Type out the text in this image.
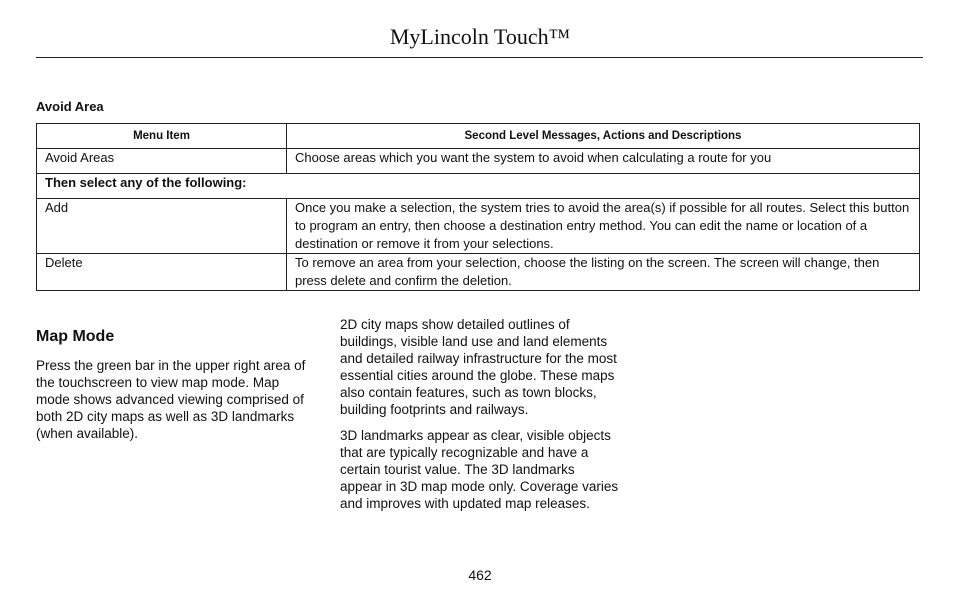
MyLincoln Touch™
Avoid Area
Menu Item	Second Level Messages, Actions and Descriptions
Avoid Areas	Choose areas which you want the system to avoid when calculating a route for you
Then select any of the following:	
Add	Once you make a selection, the system tries to avoid the area(s) if possible for all routes. Select this button to program an entry, then choose a destination entry method. You can edit the name or location of a destination or remove it from your selections.
Delete	To remove an area from your selection, choose the listing on the screen. The screen will change, then press delete and confirm the deletion.
Map Mode

Press the green bar in the upper right area of the touchscreen to view map mode. Map mode shows advanced viewing comprised of both 2D city maps as well as 3D landmarks (when available).

2D city maps show detailed outlines of buildings, visible land use and land elements and detailed railway infrastructure for the most essential cities around the globe. These maps also contain features, such as town blocks, building footprints and railways.

3D landmarks appear as clear, visible objects that are typically recognizable and have a certain tourist value. The 3D landmarks appear in 3D map mode only. Coverage varies and improves with updated map releases.

462
